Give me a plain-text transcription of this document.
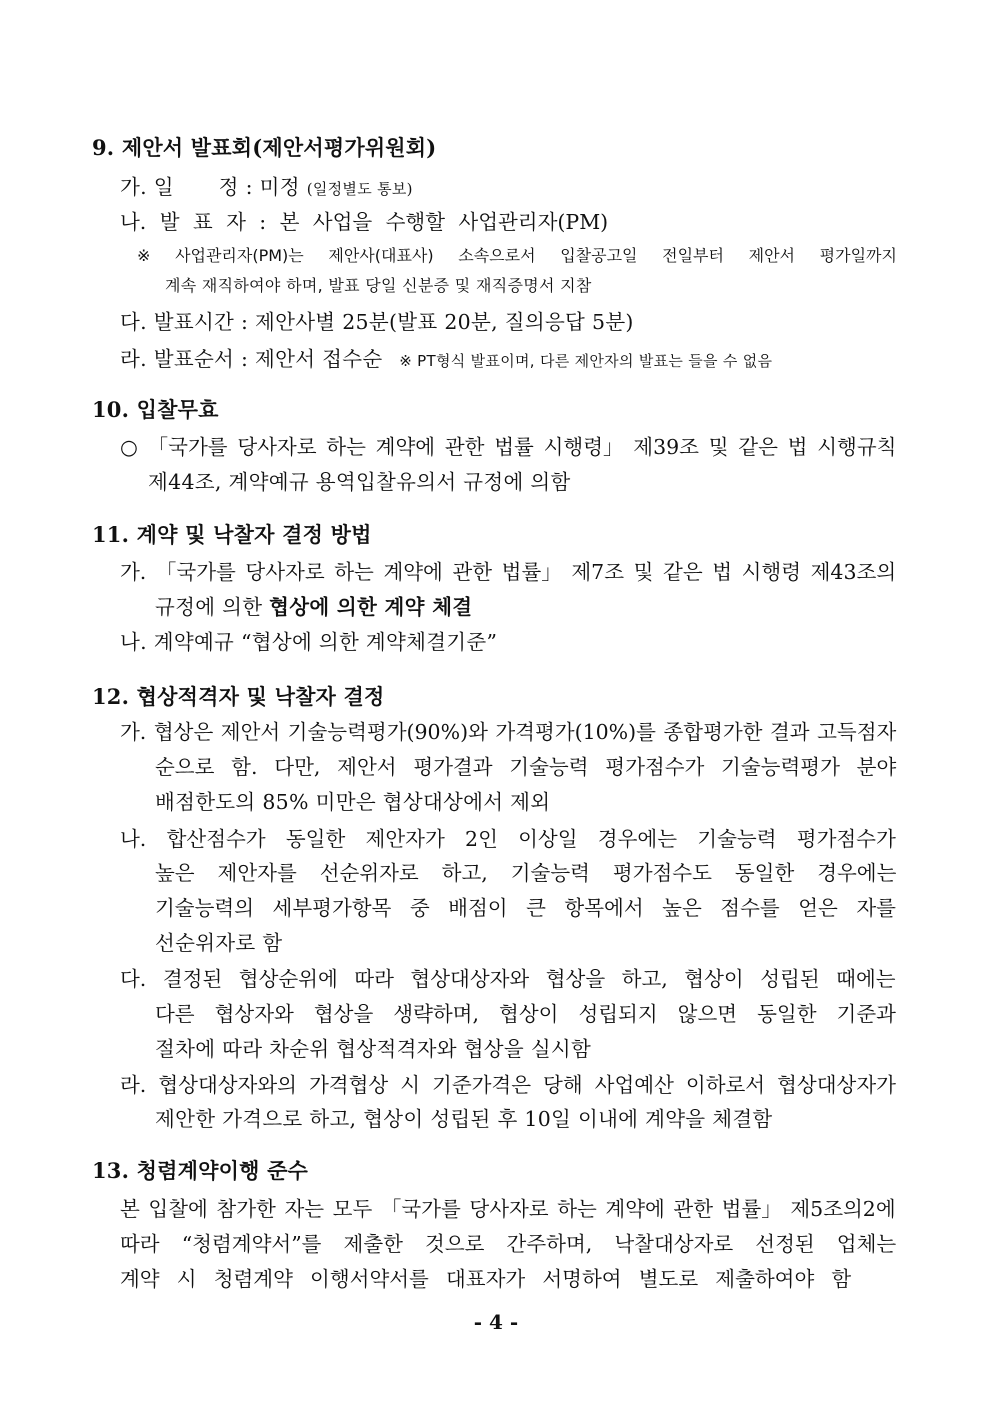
9. 제안서 발표회(제안서평가위원회)
가. 일 정 : 미정 (일정별도 통보)
나. 발 표 자 : 본 사업을 수행할 사업관리자(PM)
※ 사업관리자(PM)는 제안사(대표사) 소속으로서 입찰공고일 전일부터 제안서 평가일까지
계속 재직하여야 하며, 발표 당일 신분증 및 재직증명서 지참
다. 발표시간 : 제안사별 25분(발표 20분, 질의응답 5분)
라. 발표순서 : 제안서 접수순 ※ PT형식 발표이며, 다른 제안자의 발표는 들을 수 없음
10. 입찰무효
○ 「국가를 당사자로 하는 계약에 관한 법률 시행령」 제39조 및 같은 법 시행규칙
제44조, 계약예규 용역입찰유의서 규정에 의함
11. 계약 및 낙찰자 결정 방법
가. 「국가를 당사자로 하는 계약에 관한 법률」 제7조 및 같은 법 시행령 제43조의
규정에 의한 협상에 의한 계약 체결
나. 계약예규 “협상에 의한 계약체결기준”
12. 협상적격자 및 낙찰자 결정
가. 협상은 제안서 기술능력평가(90%)와 가격평가(10%)를 종합평가한 결과 고득점자
순으로 함. 다만, 제안서 평가결과 기술능력 평가점수가 기술능력평가 분야
배점한도의 85% 미만은 협상대상에서 제외
나. 합산점수가 동일한 제안자가 2인 이상일 경우에는 기술능력 평가점수가
높은 제안자를 선순위자로 하고, 기술능력 평가점수도 동일한 경우에는
기술능력의 세부평가항목 중 배점이 큰 항목에서 높은 점수를 얻은 자를
선순위자로 함
다. 결정된 협상순위에 따라 협상대상자와 협상을 하고, 협상이 성립된 때에는
다른 협상자와 협상을 생략하며, 협상이 성립되지 않으면 동일한 기준과
절차에 따라 차순위 협상적격자와 협상을 실시함
라. 협상대상자와의 가격협상 시 기준가격은 당해 사업예산 이하로서 협상대상자가
제안한 가격으로 하고, 협상이 성립된 후 10일 이내에 계약을 체결함
13. 청렴계약이행 준수
본 입찰에 참가한 자는 모두 「국가를 당사자로 하는 계약에 관한 법률」 제5조의2에
따라 “청렴계약서”를 제출한 것으로 간주하며, 낙찰대상자로 선정된 업체는
계약 시 청렴계약 이행서약서를 대표자가 서명하여 별도로 제출하여야 함
- 4 -
